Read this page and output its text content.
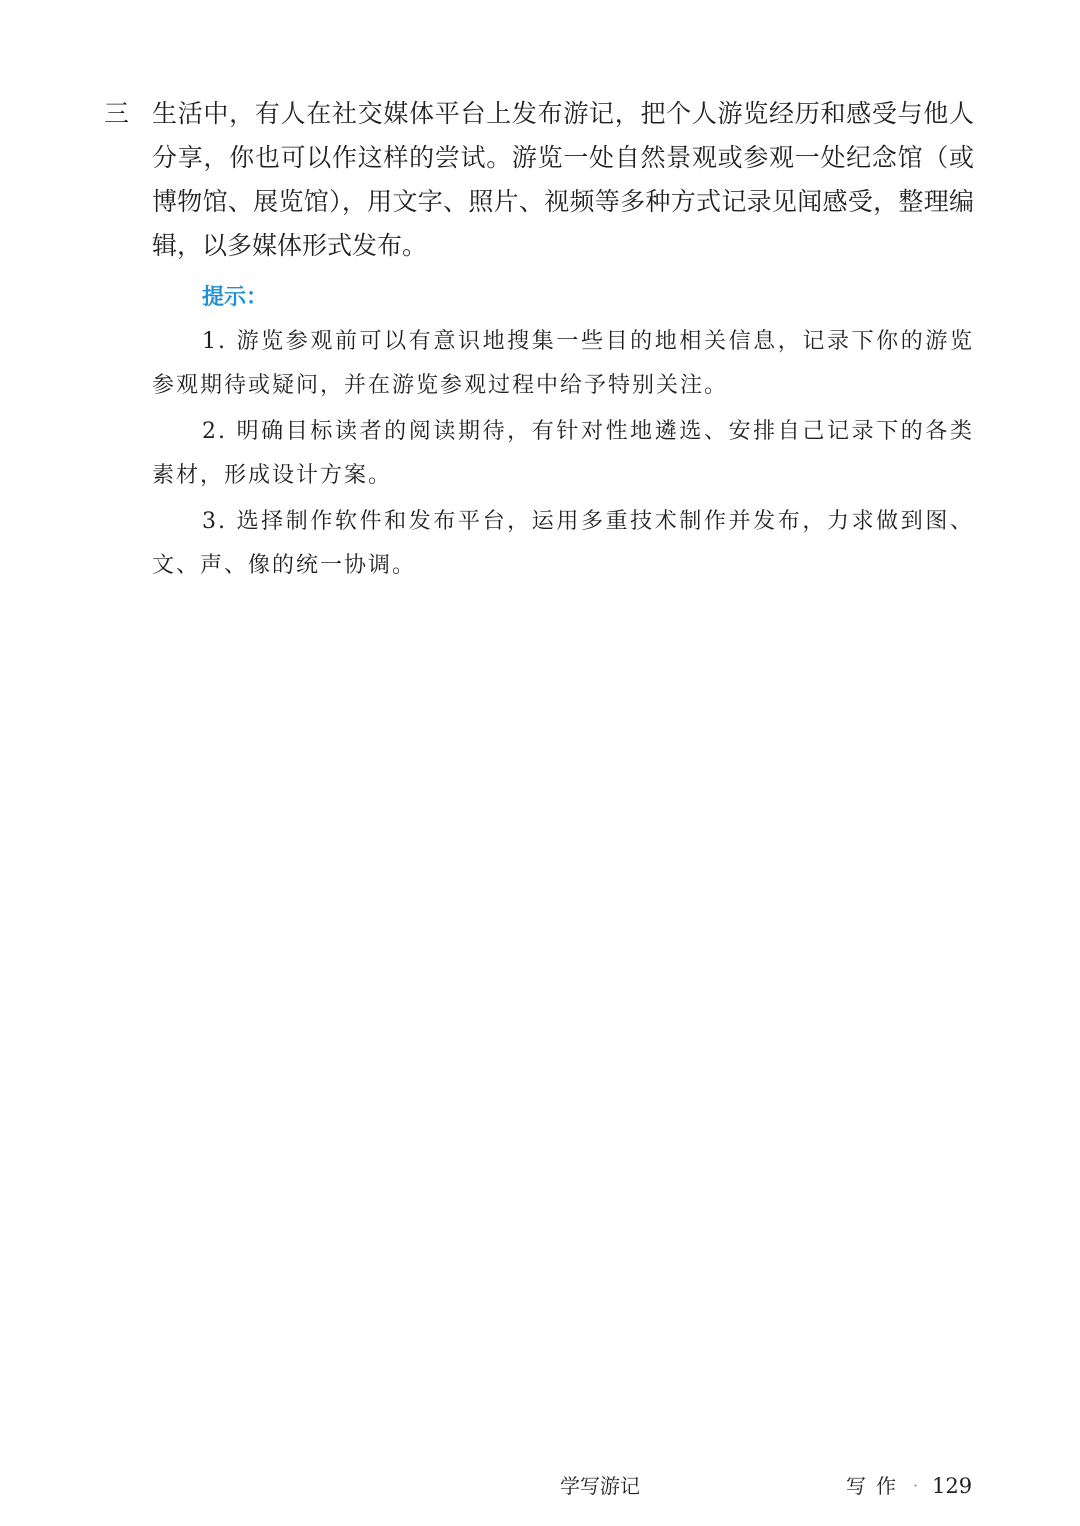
三 生活中，有人在社交媒体平台上发布游记，把个人游览经历和感受与他人分享，你也可以作这样的尝试。游览一处自然景观或参观一处纪念馆（或博物馆、展览馆），用文字、照片、视频等多种方式记录见闻感受，整理编辑，以多媒体形式发布。
提示：
1. 游览参观前可以有意识地搜集一些目的地相关信息，记录下你的游览参观期待或疑问，并在游览参观过程中给予特别关注。
2. 明确目标读者的阅读期待，有针对性地遴选、安排自己记录下的各类素材，形成设计方案。
3. 选择制作软件和发布平台，运用多重技术制作并发布，力求做到图、文、声、像的统一协调。
学写游记	写作 · 129
